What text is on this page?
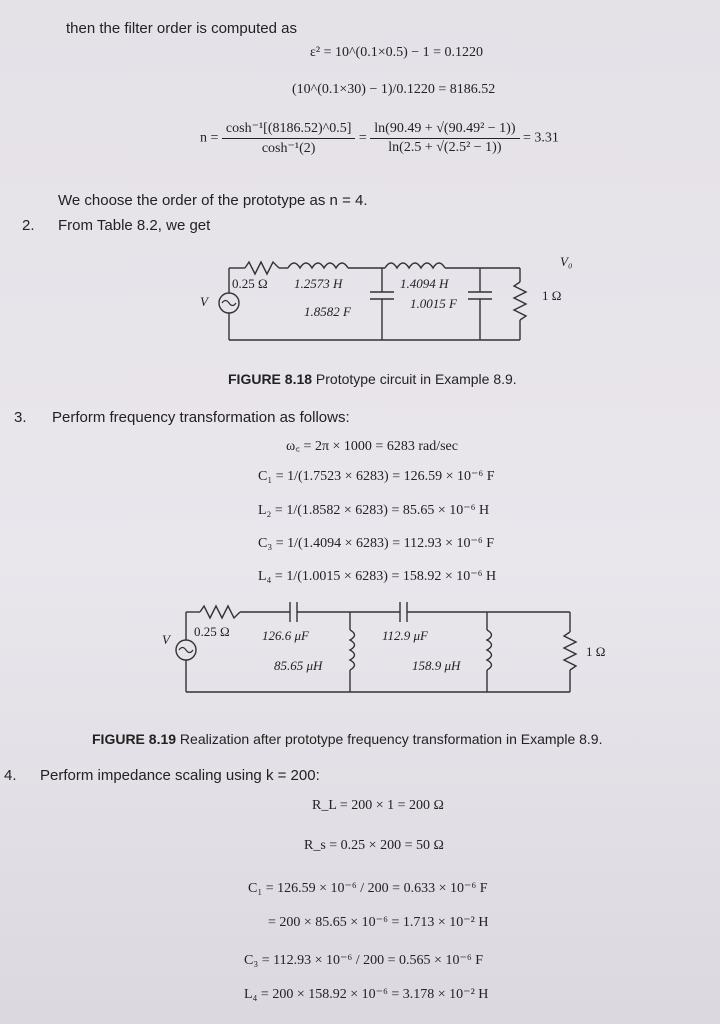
then the filter order is computed as
ε² = 10^(0.1×0.5) − 1 = 0.1220
(10^(0.1×30) − 1)/0.1220 = 8186.52
$n = \frac{\text{cosh⁻¹[(8186.52)\textasciicircum{}0.5]}}{\text{cosh⁻¹(2)}} = \frac{\text{ln(90.49 + √(90.49² − 1))}}{\text{ln(2.5 + √(2.5² − 1))}} = 3.31$
We choose the order of the prototype as n = 4.
2. From Table 8.2, we get
V
0.25 Ω 1.2573 H
1.8582 F
1.4094 H
1.0015 F
1 Ω
V₀
FIGURE 8.18 Prototype circuit in Example 8.9.
3. Perform frequency transformation as follows:
ω꜀ = 2π × 1000 = 6283 rad/sec
C₁ = 1/(1.7523 × 6283) = 126.59 × 10⁻⁶ F
L₂ = 1/(1.8582 × 6283) = 85.65 × 10⁻⁶ H
C₃ = 1/(1.4094 × 6283) = 112.93 × 10⁻⁶ F
L₄ = 1/(1.0015 × 6283) = 158.92 × 10⁻⁶ H
V
0.25 Ω 126.6 μF
85.65 μH
112.9 μF
158.9 μH
1 Ω
FIGURE 8.19 Realization after prototype frequency transformation in Example 8.9.
4. Perform impedance scaling using k = 200:
R_L = 200 × 1 = 200 Ω
R_s = 0.25 × 200 = 50 Ω
C₁ = 126.59 × 10⁻⁶ / 200 = 0.633 × 10⁻⁶ F
= 200 × 85.65 × 10⁻⁶ = 1.713 × 10⁻² H
C₃ = 112.93 × 10⁻⁶ / 200 = 0.565 × 10⁻⁶ F
L₄ = 200 × 158.92 × 10⁻⁶ = 3.178 × 10⁻² H
